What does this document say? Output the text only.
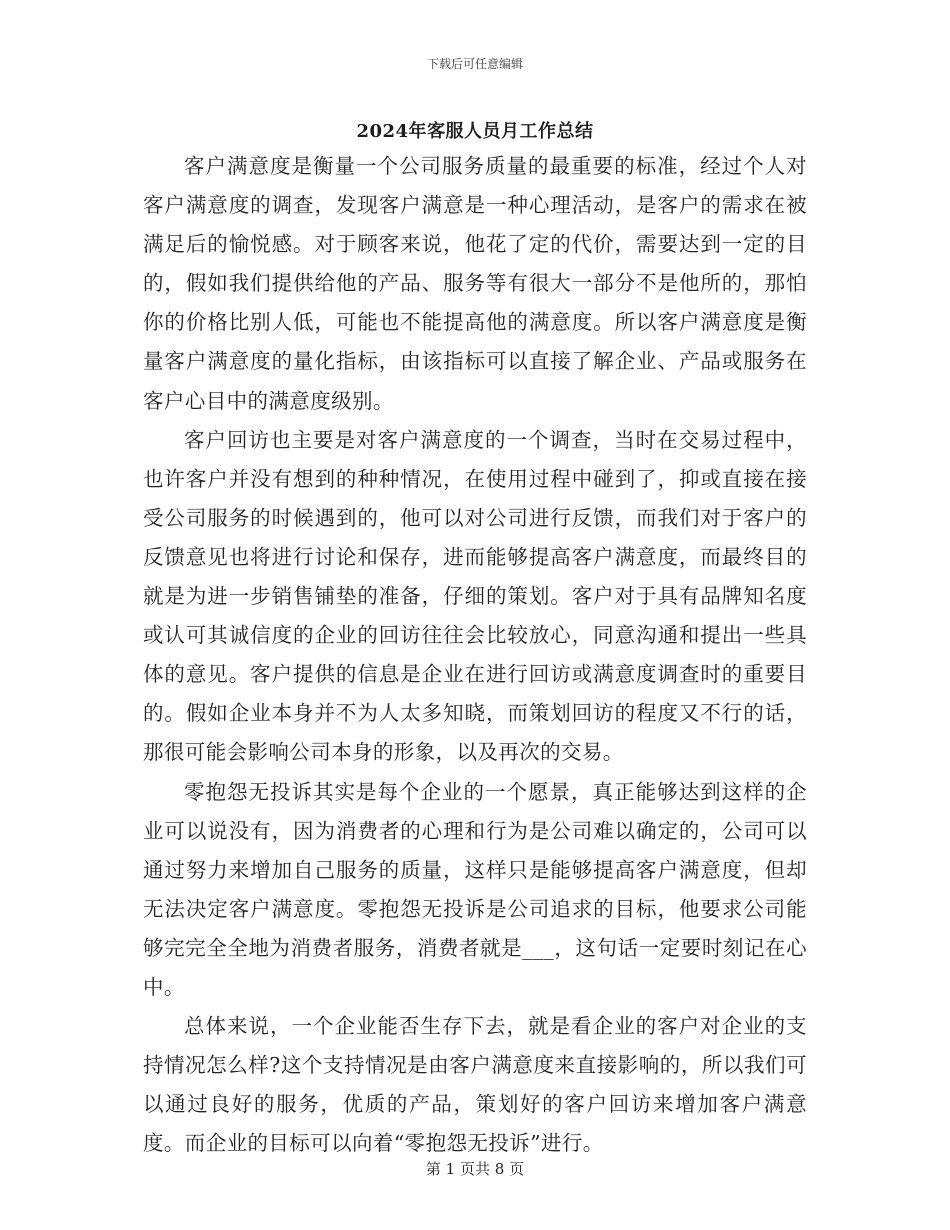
下载后可任意编辑
2024年客服人员月工作总结

客户满意度是衡量一个公司服务质量的最重要的标准，经过个人对客户满意度的调查，发现客户满意是一种心理活动，是客户的需求在被满足后的愉悦感。对于顾客来说，他花了定的代价，需要达到一定的目的，假如我们提供给他的产品、服务等有很大一部分不是他所的，那怕你的价格比别人低，可能也不能提高他的满意度。所以客户满意度是衡量客户满意度的量化指标，由该指标可以直接了解企业、产品或服务在客户心目中的满意度级别。

客户回访也主要是对客户满意度的一个调查，当时在交易过程中，也许客户并没有想到的种种情况，在使用过程中碰到了，抑或直接在接受公司服务的时候遇到的，他可以对公司进行反馈，而我们对于客户的反馈意见也将进行讨论和保存，进而能够提高客户满意度，而最终目的就是为进一步销售铺垫的准备，仔细的策划。客户对于具有品牌知名度或认可其诚信度的企业的回访往往会比较放心，同意沟通和提出一些具体的意见。客户提供的信息是企业在进行回访或满意度调查时的重要目的。假如企业本身并不为人太多知晓，而策划回访的程度又不行的话，那很可能会影响公司本身的形象，以及再次的交易。

零抱怨无投诉其实是每个企业的一个愿景，真正能够达到这样的企业可以说没有，因为消费者的心理和行为是公司难以确定的，公司可以通过努力来增加自己服务的质量，这样只是能够提高客户满意度，但却无法决定客户满意度。零抱怨无投诉是公司追求的目标，他要求公司能够完完全全地为消费者服务，消费者就是___，这句话一定要时刻记在心中。

总体来说，一个企业能否生存下去，就是看企业的客户对企业的支持情况怎么样?这个支持情况是由客户满意度来直接影响的，所以我们可以通过良好的服务，优质的产品，策划好的客户回访来增加客户满意度。而企业的目标可以向着“零抱怨无投诉”进行。

第 1 页共 8 页
